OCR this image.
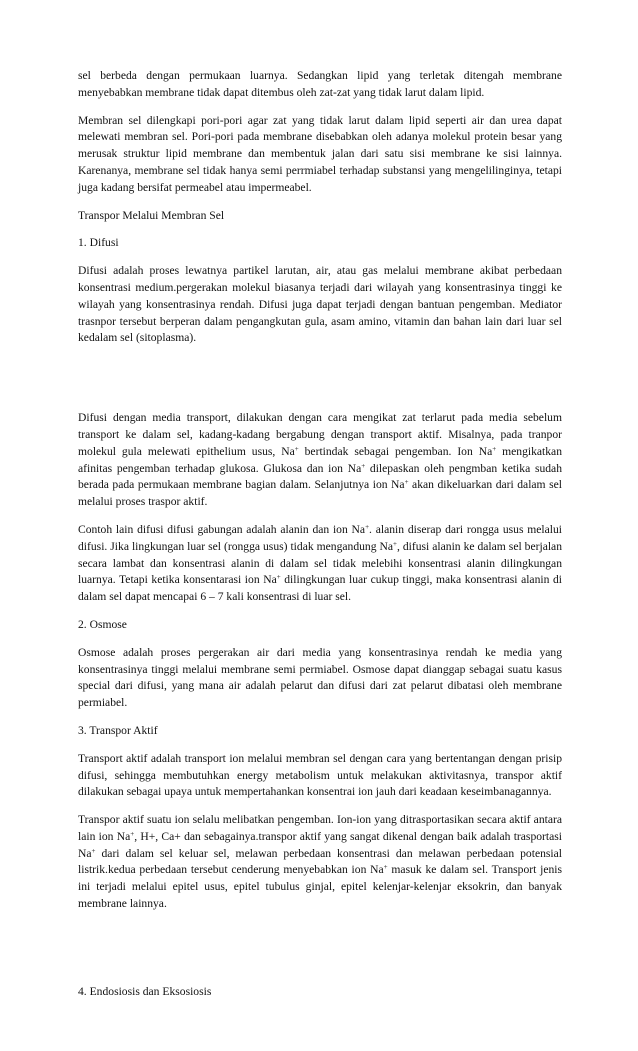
sel berbeda dengan permukaan luarnya. Sedangkan lipid yang terletak ditengah membrane menyebabkan membrane tidak dapat ditembus oleh zat-zat yang tidak larut dalam lipid.

Membran sel dilengkapi pori-pori agar zat yang tidak larut dalam lipid seperti air dan urea dapat melewati membran sel. Pori-pori pada membrane disebabkan oleh adanya molekul protein besar yang merusak struktur lipid membrane dan membentuk jalan dari satu sisi membrane ke sisi lainnya. Karenanya, membrane sel tidak hanya semi perrmiabel terhadap substansi yang mengelilinginya, tetapi juga kadang bersifat permeabel atau impermeabel.

Transpor Melalui Membran Sel

1. Difusi

Difusi adalah proses lewatnya partikel larutan, air, atau gas melalui membrane akibat perbedaan konsentrasi medium.pergerakan molekul biasanya terjadi dari wilayah yang konsentrasinya tinggi ke wilayah yang konsentrasinya rendah. Difusi juga dapat terjadi dengan bantuan pengemban. Mediator trasnpor tersebut berperan dalam pengangkutan gula, asam amino, vitamin dan bahan lain dari luar sel kedalam sel (sitoplasma).

Difusi dengan media transport, dilakukan dengan cara mengikat zat terlarut pada media sebelum transport ke dalam sel, kadang-kadang bergabung dengan transport aktif. Misalnya, pada tranpor molekul gula melewati epithelium usus, Na+ bertindak sebagai pengemban. Ion Na+ mengikatkan afinitas pengemban terhadap glukosa. Glukosa dan ion Na+ dilepaskan oleh pengmban ketika sudah berada pada permukaan membrane bagian dalam. Selanjutnya ion Na+ akan dikeluarkan dari dalam sel melalui proses traspor aktif.

Contoh lain difusi difusi gabungan adalah alanin dan ion Na+. alanin diserap dari rongga usus melalui difusi. Jika lingkungan luar sel (rongga usus) tidak mengandung Na+, difusi alanin ke dalam sel berjalan secara lambat dan konsentrasi alanin di dalam sel tidak melebihi konsentrasi alanin dilingkungan luarnya. Tetapi ketika konsentarasi ion Na+ dilingkungan luar cukup tinggi, maka konsentrasi alanin di dalam sel dapat mencapai 6 – 7 kali konsentrasi di luar sel.

2. Osmose

Osmose adalah proses pergerakan air dari media yang konsentrasinya rendah ke media yang konsentrasinya tinggi melalui membrane semi permiabel. Osmose dapat dianggap sebagai suatu kasus special dari difusi, yang mana air adalah pelarut dan difusi dari zat pelarut dibatasi oleh membrane permiabel.

3. Transpor Aktif

Transport aktif adalah transport ion melalui membran sel dengan cara yang bertentangan dengan prisip difusi, sehingga membutuhkan energy metabolism untuk melakukan aktivitasnya, transpor aktif dilakukan sebagai upaya untuk mempertahankan konsentrai ion jauh dari keadaan keseimbanagannya.

Transpor aktif suatu ion selalu melibatkan pengemban. Ion-ion yang ditrasportasikan secara aktif antara lain ion Na+, H+, Ca+ dan sebagainya.transpor aktif yang sangat dikenal dengan baik adalah trasportasi Na+ dari dalam sel keluar sel, melawan perbedaan konsentrasi dan melawan perbedaan potensial listrik.kedua perbedaan tersebut cenderung menyebabkan ion Na+ masuk ke dalam sel. Transport jenis ini terjadi melalui epitel usus, epitel tubulus ginjal, epitel kelenjar-kelenjar eksokrin, dan banyak membrane lainnya.

4. Endosiosis dan Eksosiosis
